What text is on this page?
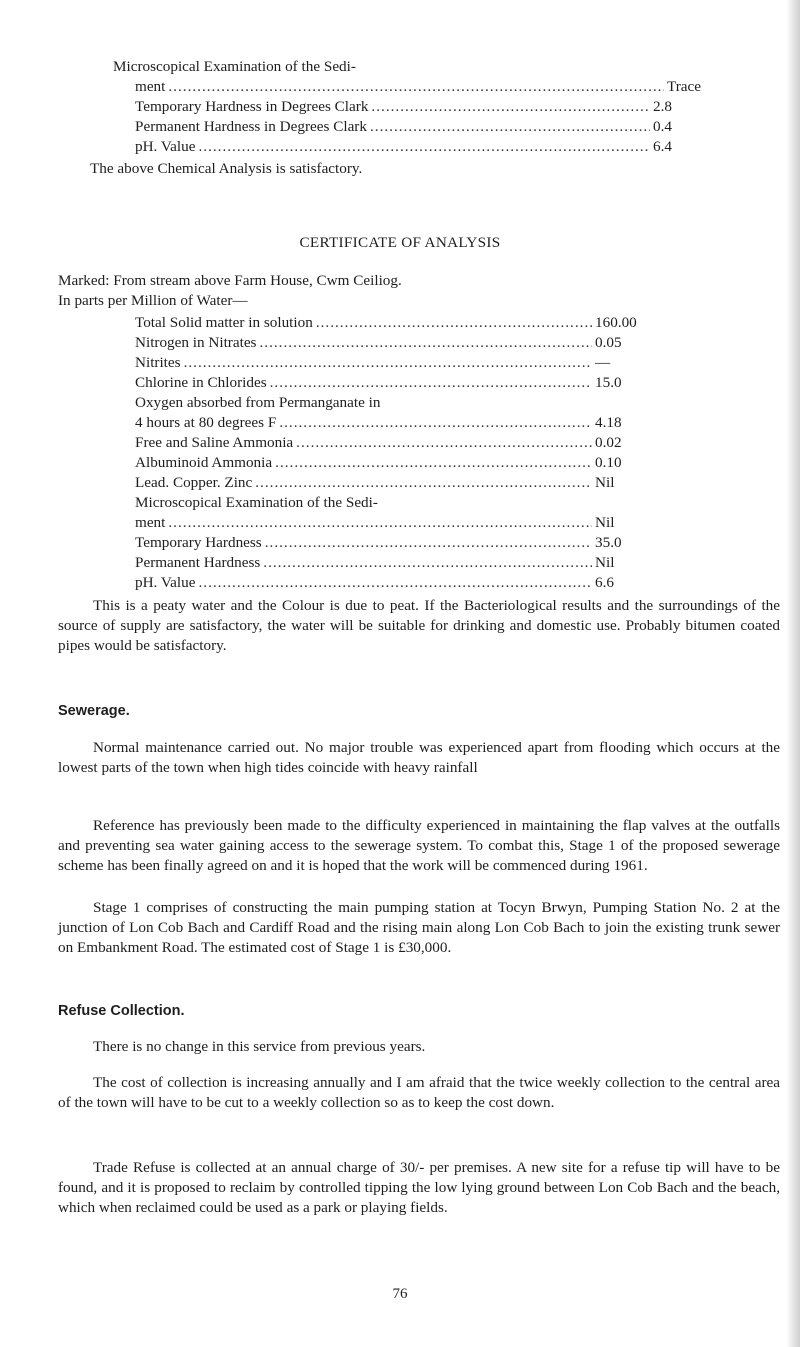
Microscopical Examination of the Sedi-
ment .....	Trace
Temporary Hardness in Degrees Clark .....	2.8
Permanent Hardness in Degrees Clark .....	0.4
pH. Value .....	6.4
The above Chemical Analysis is satisfactory.
CERTIFICATE OF ANALYSIS
Marked: From stream above Farm House, Cwm Ceiliog.
In parts per Million of Water—
Total Solid matter in solution .....	160.00
Nitrogen in Nitrates .....	0.05
Nitrites .....	—
Chlorine in Chlorides .....	15.0
Oxygen absorbed from Permanganate in
4 hours at 80 degrees F .....	4.18
Free and Saline Ammonia .....	0.02
Albuminoid Ammonia .....	0.10
Lead. Copper. Zinc .....	Nil
Microscopical Examination of the Sedi-
ment .....	Nil
Temporary Hardness .....	35.0
Permanent Hardness .....	Nil
pH. Value .....	6.6

This is a peaty water and the Colour is due to peat. If the Bacteriological results and the surroundings of the source of supply are satisfactory, the water will be suitable for drinking and domestic use. Probably bitumen coated pipes would be satisfactory.

Sewerage.

Normal maintenance carried out. No major trouble was experienced apart from flooding which occurs at the lowest parts of the town when high tides coincide with heavy rainfall

Reference has previously been made to the difficulty experienced in maintaining the flap valves at the outfalls and preventing sea water gaining access to the sewerage system. To combat this, Stage 1 of the proposed sewerage scheme has been finally agreed on and it is hoped that the work will be commenced during 1961.

Stage 1 comprises of constructing the main pumping station at Tocyn Brwyn, Pumping Station No. 2 at the junction of Lon Cob Bach and Cardiff Road and the rising main along Lon Cob Bach to join the existing trunk sewer on Embankment Road. The estimated cost of Stage 1 is £30,000.

Refuse Collection.

There is no change in this service from previous years.

The cost of collection is increasing annually and I am afraid that the twice weekly collection to the central area of the town will have to be cut to a weekly collection so as to keep the cost down.

Trade Refuse is collected at an annual charge of 30/- per premises. A new site for a refuse tip will have to be found, and it is proposed to reclaim by controlled tipping the low lying ground between Lon Cob Bach and the beach, which when reclaimed could be used as a park or playing fields.

76
